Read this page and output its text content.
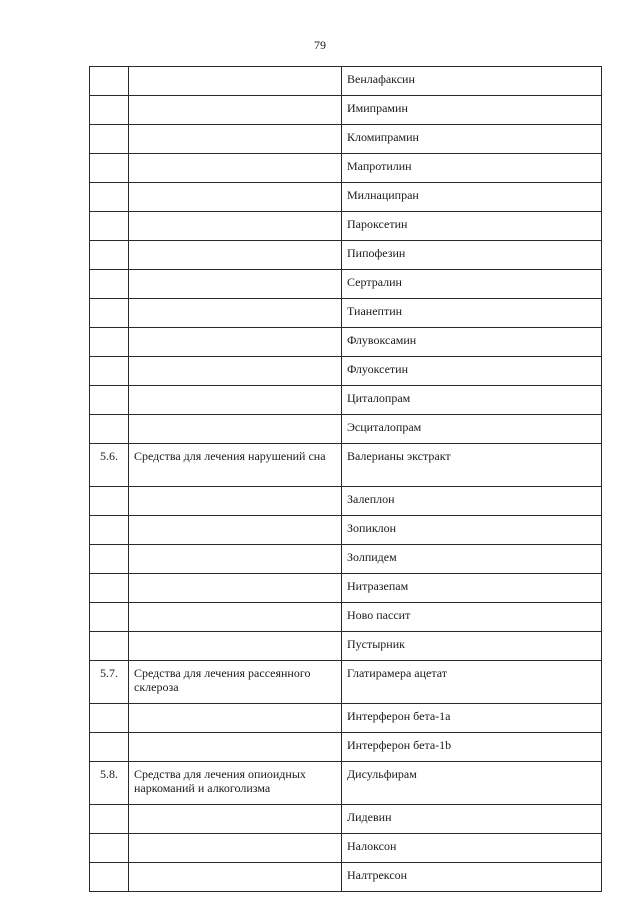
79
		Венлафаксин
		Имипрамин
		Кломипрамин
		Мапротилин
		Милнаципран
		Пароксетин
		Пипофезин
		Сертралин
		Тианептин
		Флувоксамин
		Флуоксетин
		Циталопрам
		Эсциталопрам
5.6.	Средства для лечения нарушений сна	Валерианы экстракт
		Залеплон
		Зопиклон
		Золпидем
		Нитразепам
		Ново пассит
		Пустырник
5.7.	Средства для лечения рассеянного склероза	Глатирамера ацетат
		Интерферон бета-1а
		Интерферон бета-1b
5.8.	Средства для лечения опиоидных наркоманий и алкоголизма	Дисульфирам
		Лидевин
		Налоксон
		Налтрексон
